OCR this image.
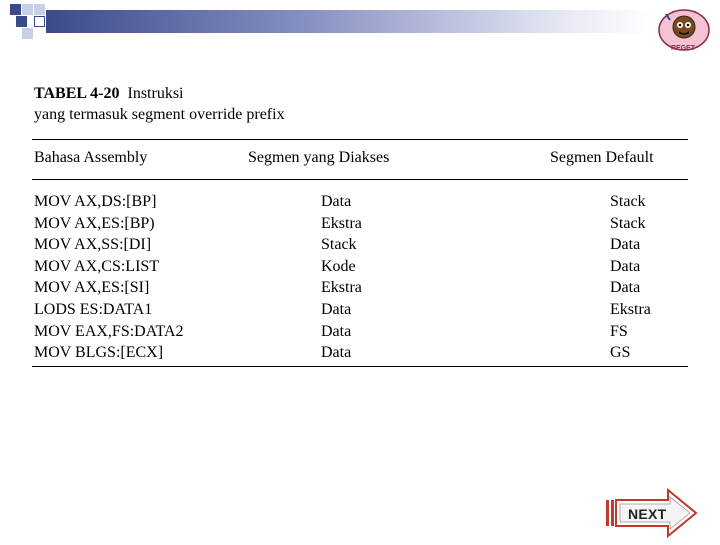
REGET
TABEL 4-20 Instruksi
yang termasuk segment override prefix
Bahasa Assembly	Segmen yang Diakses	Segmen Default
MOV AX,DS:[BP]
MOV AX,ES:[BP)
MOV AX,SS:[DI]
MOV AX,CS:LIST
MOV AX,ES:[SI]
LODS ES:DATA1
MOV EAX,FS:DATA2
MOV BLGS:[ECX]
Data
Ekstra
Stack
Kode
Ekstra
Data
Data
Data
Stack
Stack
Data
Data
Data
Ekstra
FS
GS
NEXT
